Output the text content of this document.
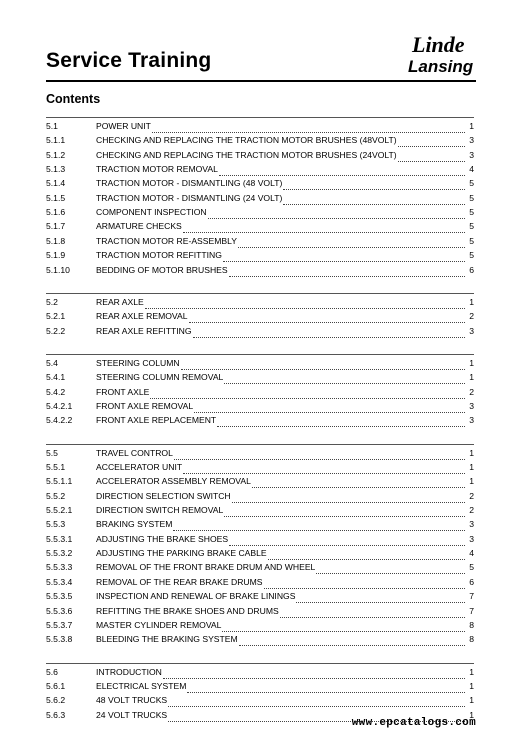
Service Training
Linde
Lansing
Contents
5.1	POWER UNIT	1
5.1.1	CHECKING AND REPLACING THE TRACTION MOTOR BRUSHES (48VOLT)	3
5.1.2	CHECKING AND REPLACING THE TRACTION MOTOR BRUSHES (24VOLT)	3
5.1.3	TRACTION MOTOR REMOVAL	4
5.1.4	TRACTION MOTOR - DISMANTLING (48 VOLT)	5
5.1.5	TRACTION MOTOR - DISMANTLING (24 VOLT)	5
5.1.6	COMPONENT INSPECTION	5
5.1.7	ARMATURE CHECKS	5
5.1.8	TRACTION MOTOR RE-ASSEMBLY	5
5.1.9	TRACTION MOTOR REFITTING	5
5.1.10	BEDDING OF MOTOR BRUSHES	6
5.2	REAR AXLE	1
5.2.1	REAR AXLE REMOVAL	2
5.2.2	REAR AXLE REFITTING	3
5.4	STEERING COLUMN	1
5.4.1	STEERING COLUMN REMOVAL	1
5.4.2	FRONT AXLE	2
5.4.2.1	FRONT AXLE REMOVAL	3
5.4.2.2	FRONT AXLE REPLACEMENT	3
5.5	TRAVEL CONTROL	1
5.5.1	ACCELERATOR UNIT	1
5.5.1.1	ACCELERATOR ASSEMBLY REMOVAL	1
5.5.2	DIRECTION SELECTION SWITCH	2
5.5.2.1	DIRECTION SWITCH REMOVAL	2
5.5.3	BRAKING SYSTEM	3
5.5.3.1	ADJUSTING THE BRAKE SHOES	3
5.5.3.2	ADJUSTING THE PARKING BRAKE CABLE	4
5.5.3.3	REMOVAL OF THE FRONT BRAKE DRUM AND WHEEL	5
5.5.3.4	REMOVAL OF THE REAR BRAKE DRUMS	6
5.5.3.5	INSPECTION AND RENEWAL OF BRAKE LININGS	7
5.5.3.6	REFITTING THE BRAKE SHOES AND DRUMS	7
5.5.3.7	MASTER CYLINDER REMOVAL	8
5.5.3.8	BLEEDING THE BRAKING SYSTEM	8
5.6	INTRODUCTION	1
5.6.1	ELECTRICAL SYSTEM	1
5.6.2	48 VOLT TRUCKS	1
5.6.3	24 VOLT TRUCKS	1
www.epcatalogs.com
